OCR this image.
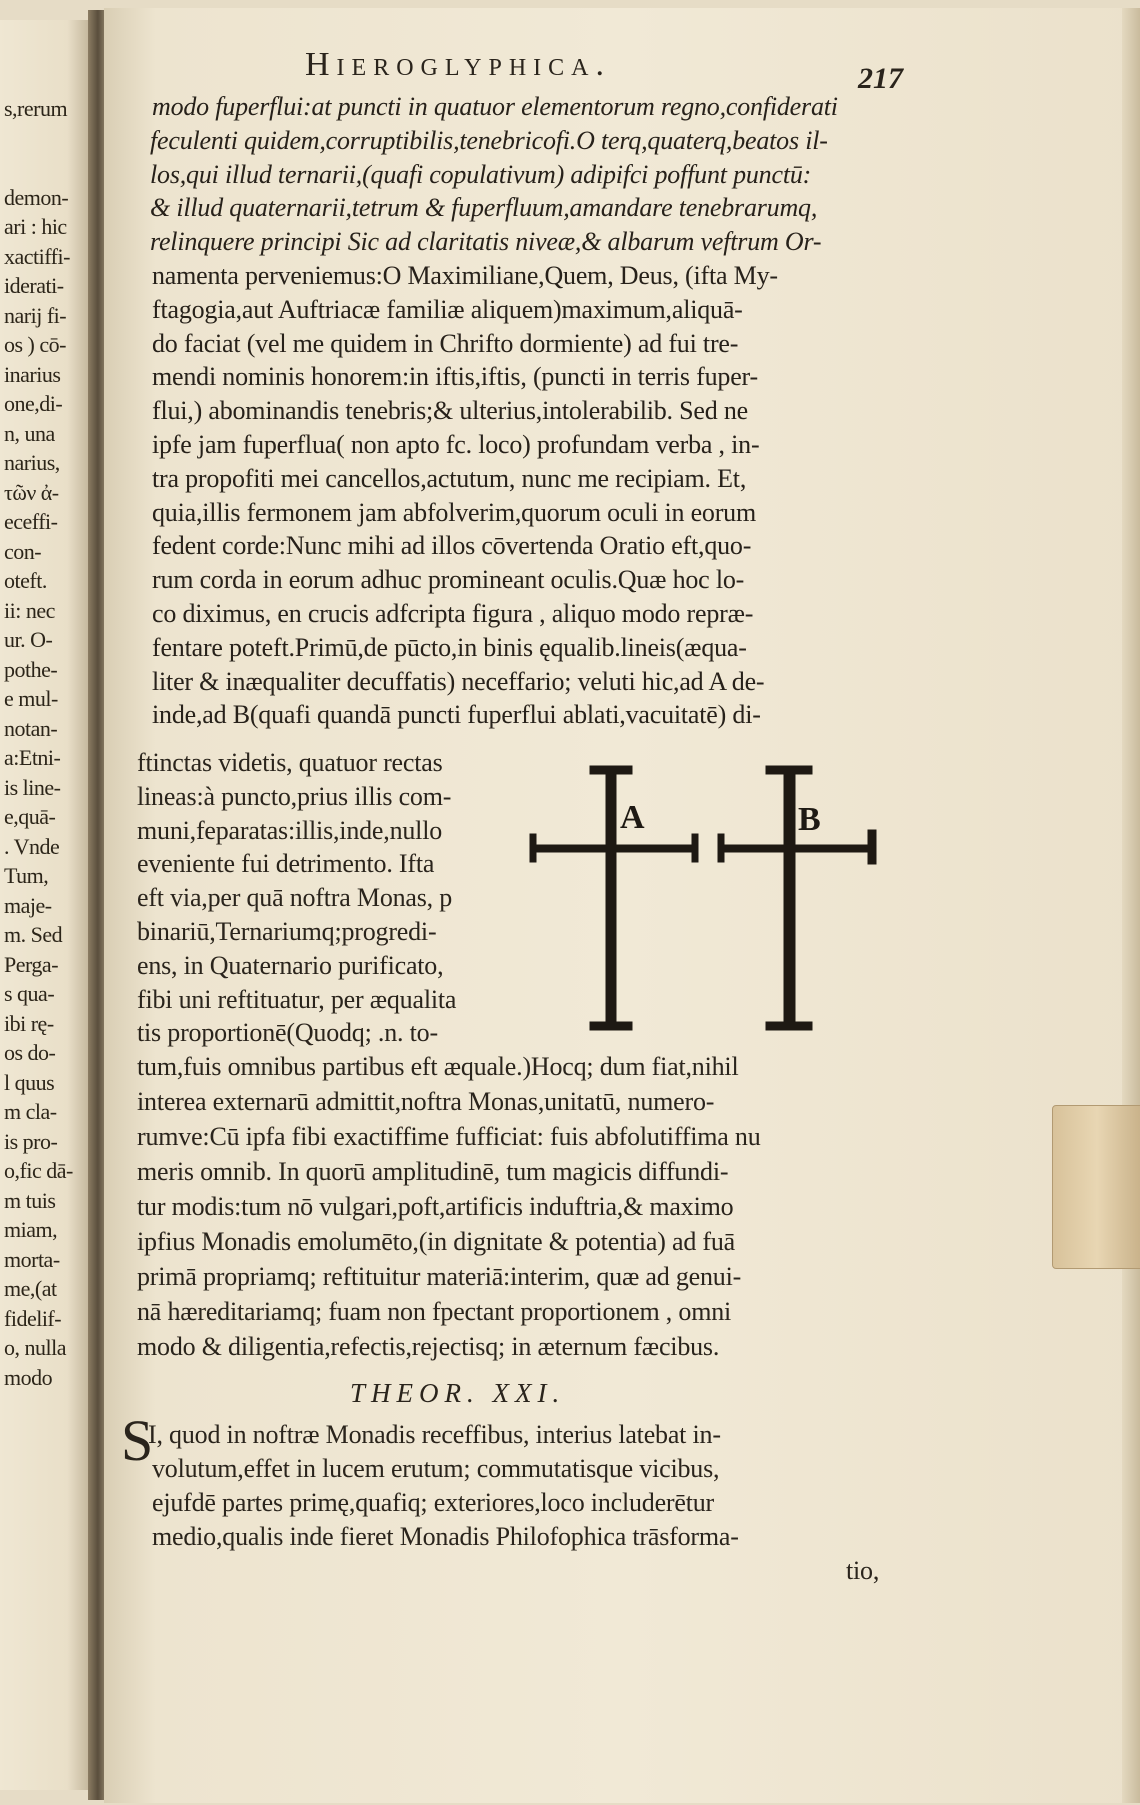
s,rerum
demon-
ari : hic
xactiffi-
iderati-
narij fi-
os ) cō-
inarius
one,di-
n, una
narius,
τῶν ἀ-
eceffi-
con-
oteft.
ii: nec
ur. O-
pothe-
e mul-
notan-
a:Etni-
is line-
e,quā-
. Vnde
Tum,
maje-
m. Sed
Perga-
s qua-
ibi rę-
os do-
l quus
m cla-
is pro-
o,fic dā-
m tuis
miam,
morta-
me,(at
fidelif-
o, nulla
modo
Hieroglyphica.	217
modo fuperflui:at puncti in quatuor elementorum regno,confiderati
feculenti quidem,corruptibilis,tenebricofi.O terq,quaterq,beatos il-
los,qui illud ternarii,(quafi copulativum) adipifci poffunt punctū:
& illud quaternarii,tetrum & fuperfluum,amandare tenebrarumq,
relinquere principi Sic ad claritatis niveæ,& albarum veftrum Or-
namenta perveniemus:O Maximiliane,Quem, Deus, (ifta My-
ftagogia,aut Auftriacæ familiæ aliquem)maximum,aliquā-
do faciat (vel me quidem in Chrifto dormiente) ad fui tre-
mendi nominis honorem:in iftis,iftis, (puncti in terris fuper-
flui,) abominandis tenebris;& ulterius,intolerabilib. Sed ne
ipfe jam fuperflua( non apto fc. loco) profundam verba , in-
tra propofiti mei cancellos,actutum, nunc me recipiam. Et,
quia,illis fermonem jam abfolverim,quorum oculi in eorum
fedent corde:Nunc mihi ad illos cōvertenda Oratio eft,quo-
rum corda in eorum adhuc promineant oculis.Quæ hoc lo-
co diximus, en crucis adfcripta figura , aliquo modo repræ-
fentare poteft.Primū,de pūcto,in binis ęqualib.lineis(æqua-
liter & inæqualiter decuffatis) neceffario; veluti hic,ad A de-
inde,ad B(quafi quandā puncti fuperflui ablati,vacuitatē) di-
ftinctas videtis, quatuor rectas
lineas:à puncto,prius illis com-
muni,feparatas:illis,inde,nullo
eveniente fui detrimento. Ifta
eft via,per quā noftra Monas, p
binariū,Ternariumq;progredi-
ens, in Quaternario purificato,
fibi uni reftituatur, per æqualita
tis proportionē(Quodq; .n. to-
tum,fuis omnibus partibus eft æquale.)Hocq; dum fiat,nihil
interea externarū admittit,noftra Monas,unitatū, numero-
rumve:Cū ipfa fibi exactiffime fufficiat: fuis abfolutiffima nu
meris omnib. In quorū amplitudinē, tum magicis diffundi-
tur modis:tum nō vulgari,poft,artificis induftria,& maximo
ipfius Monadis emolumēto,(in dignitate & potentia) ad fuā
primā propriamq; reftituitur materiā:interim, quæ ad genui-
nā hæreditariamq; fuam non fpectant proportionem , omni
modo & diligentia,refectis,rejectisq; in æternum fæcibus.
A	B
THEOR. XXI.
S
I, quod in noftræ Monadis receffibus, interius latebat in-
volutum,effet in lucem erutum; commutatisque vicibus,
ejufdē partes primę,quafiq; exteriores,loco includerētur
medio,qualis inde fieret Monadis Philofophica trāsforma-
tio,
